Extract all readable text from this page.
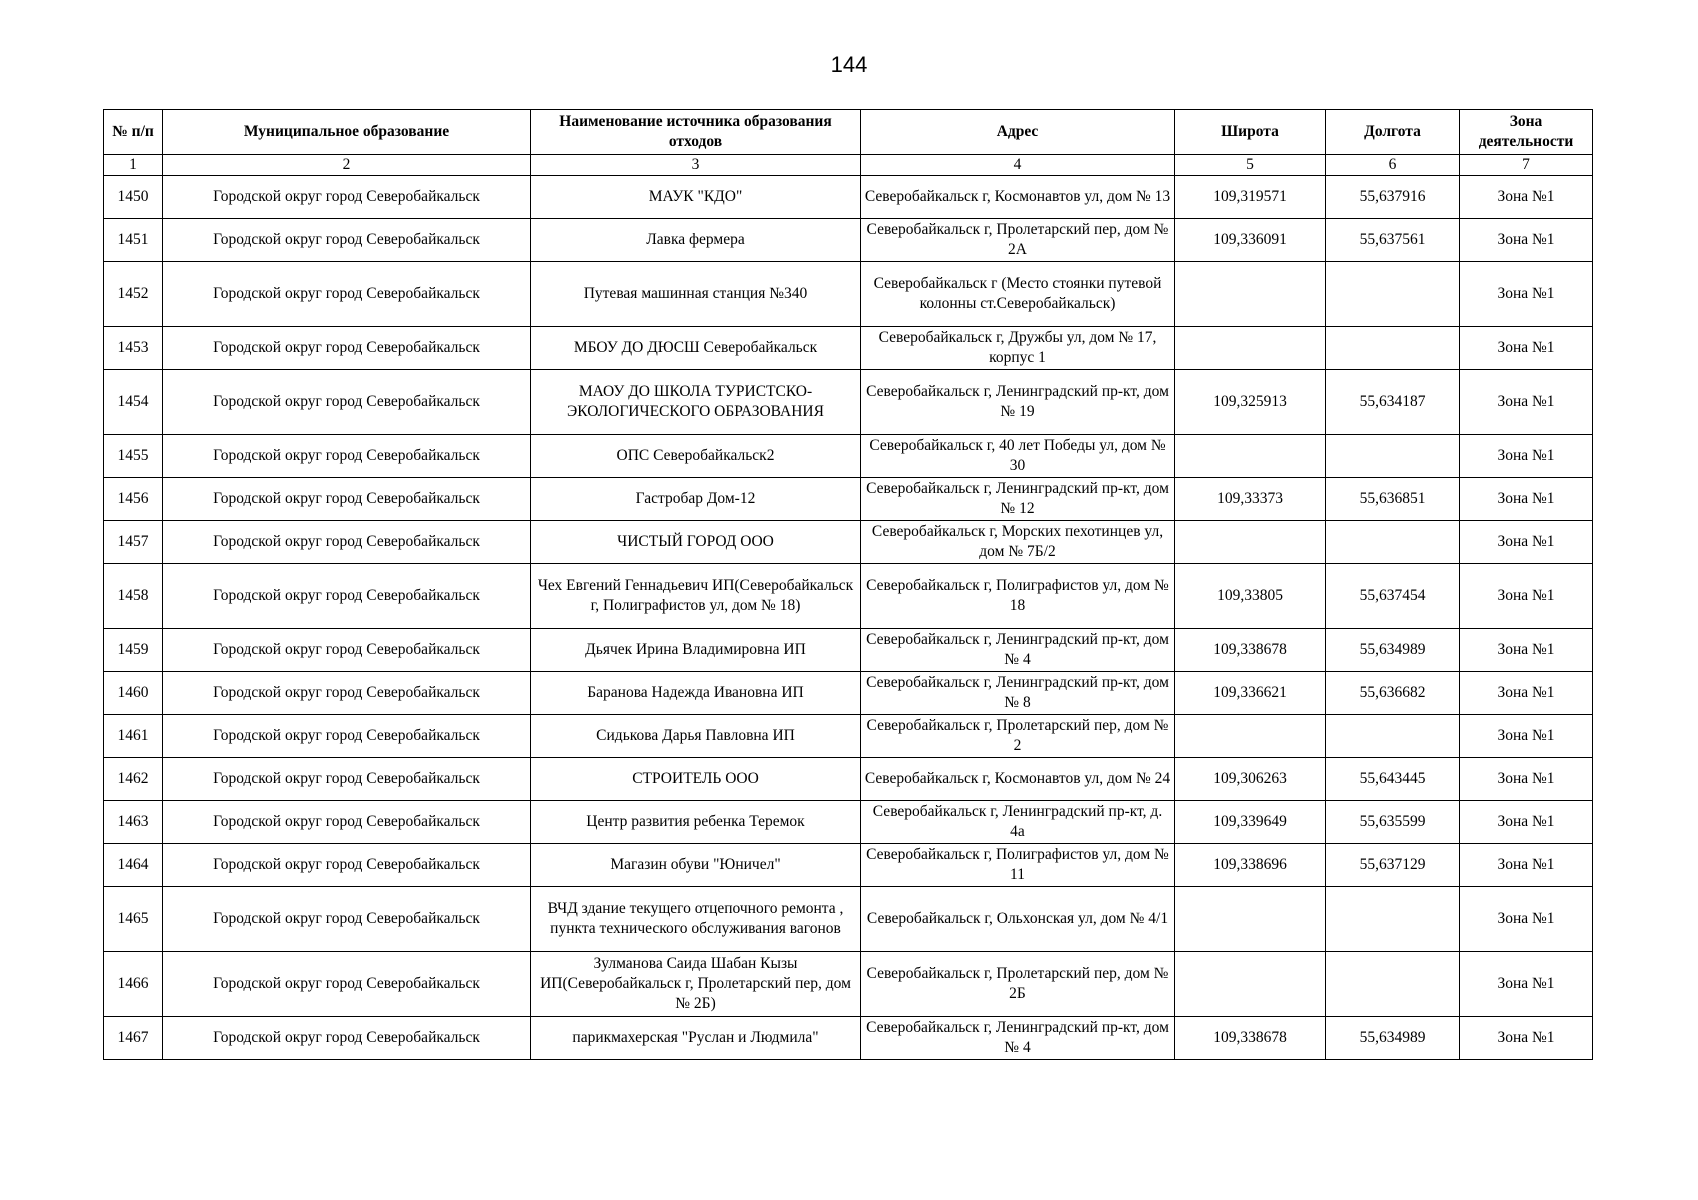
144
№ п/п	Муниципальное образование	Наименование источника образования отходов	Адрес	Широта	Долгота	Зона деятельности
1	2	3	4	5	6	7
1450	Городской округ город Северобайкальск	МАУК "КДО"	Северобайкальск г, Космонавтов ул, дом № 13	109,319571	55,637916	Зона №1
1451	Городской округ город Северобайкальск	Лавка фермера	Северобайкальск г, Пролетарский пер, дом № 2А	109,336091	55,637561	Зона №1
1452	Городской округ город Северобайкальск	Путевая машинная станция №340	Северобайкальск г (Место стоянки путевой колонны ст.Северобайкальск)			Зона №1
1453	Городской округ город Северобайкальск	МБОУ ДО ДЮСШ Северобайкальск	Северобайкальск г, Дружбы ул, дом № 17, корпус 1			Зона №1
1454	Городской округ город Северобайкальск	МАОУ ДО ШКОЛА ТУРИСТСКО-ЭКОЛОГИЧЕСКОГО ОБРАЗОВАНИЯ	Северобайкальск г, Ленинградский пр-кт, дом № 19	109,325913	55,634187	Зона №1
1455	Городской округ город Северобайкальск	ОПС Северобайкальск2	Северобайкальск г, 40 лет Победы ул, дом № 30			Зона №1
1456	Городской округ город Северобайкальск	Гастробар Дом-12	Северобайкальск г, Ленинградский пр-кт, дом № 12	109,33373	55,636851	Зона №1
1457	Городской округ город Северобайкальск	ЧИСТЫЙ ГОРОД ООО	Северобайкальск г, Морских пехотинцев ул, дом № 7Б/2			Зона №1
1458	Городской округ город Северобайкальск	Чех Евгений Геннадьевич ИП(Северобайкальск г, Полиграфистов ул, дом № 18)	Северобайкальск г, Полиграфистов ул, дом № 18	109,33805	55,637454	Зона №1
1459	Городской округ город Северобайкальск	Дьячек Ирина Владимировна ИП	Северобайкальск г, Ленинградский пр-кт, дом № 4	109,338678	55,634989	Зона №1
1460	Городской округ город Северобайкальск	Баранова Надежда Ивановна ИП	Северобайкальск г, Ленинградский пр-кт, дом № 8	109,336621	55,636682	Зона №1
1461	Городской округ город Северобайкальск	Сидькова Дарья Павловна ИП	Северобайкальск г, Пролетарский пер, дом № 2			Зона №1
1462	Городской округ город Северобайкальск	СТРОИТЕЛЬ ООО	Северобайкальск г, Космонавтов ул, дом № 24	109,306263	55,643445	Зона №1
1463	Городской округ город Северобайкальск	Центр развития ребенка Теремок	Северобайкальск г, Ленинградский пр-кт, д. 4а	109,339649	55,635599	Зона №1
1464	Городской округ город Северобайкальск	Магазин обуви "Юничел"	Северобайкальск г, Полиграфистов ул, дом № 11	109,338696	55,637129	Зона №1
1465	Городской округ город Северобайкальск	ВЧД здание текущего отцепочного ремонта , пункта технического обслуживания вагонов	Северобайкальск г, Ольхонская ул, дом № 4/1			Зона №1
1466	Городской округ город Северобайкальск	Зулманова Саида Шабан Кызы ИП(Северобайкальск г, Пролетарский пер, дом № 2Б)	Северобайкальск г, Пролетарский пер, дом № 2Б			Зона №1
1467	Городской округ город Северобайкальск	парикмахерская "Руслан и Людмила"	Северобайкальск г, Ленинградский пр-кт, дом № 4	109,338678	55,634989	Зона №1
